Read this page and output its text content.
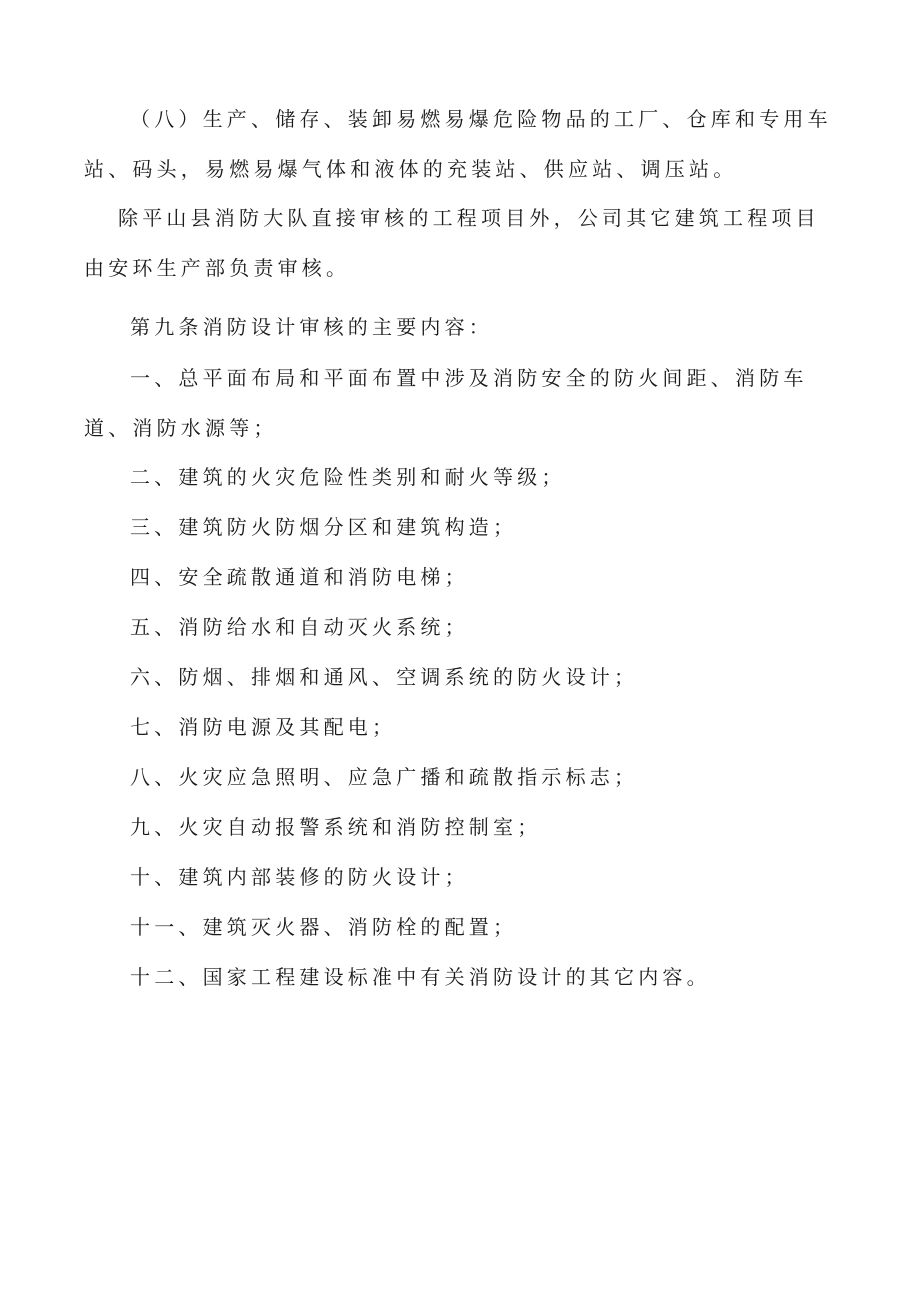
（八）生产、储存、装卸易燃易爆危险物品的工厂、仓库和专用车站、码头，易燃易爆气体和液体的充装站、供应站、调压站。

除平山县消防大队直接审核的工程项目外，公司其它建筑工程项目由安环生产部负责审核。

第九条消防设计审核的主要内容：

一、总平面布局和平面布置中涉及消防安全的防火间距、消防车道、消防水源等；

二、建筑的火灾危险性类别和耐火等级；

三、建筑防火防烟分区和建筑构造；

四、安全疏散通道和消防电梯；

五、消防给水和自动灭火系统；

六、防烟、排烟和通风、空调系统的防火设计；

七、消防电源及其配电；

八、火灾应急照明、应急广播和疏散指示标志；

九、火灾自动报警系统和消防控制室；

十、建筑内部装修的防火设计；

十一、建筑灭火器、消防栓的配置；

十二、国家工程建设标准中有关消防设计的其它内容。
